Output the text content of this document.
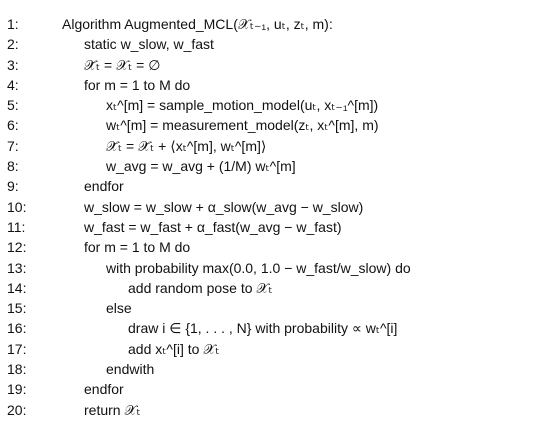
1:	Algorithm Augmented_MCL(𝒳ₜ₋₁, uₜ, zₜ, m):
2:	static w_slow, w_fast
3:	𝒳̄ₜ = 𝒳ₜ = ∅
4:	for m = 1 to M do
5:	xₜ^[m] = sample_motion_model(uₜ, xₜ₋₁^[m])
6:	wₜ^[m] = measurement_model(zₜ, xₜ^[m], m)
7:	𝒳̄ₜ = 𝒳̄ₜ + ⟨xₜ^[m], wₜ^[m]⟩
8:	w_avg = w_avg + (1/M) wₜ^[m]
9:	endfor
10:	w_slow = w_slow + α_slow(w_avg − w_slow)
11:	w_fast = w_fast + α_fast(w_avg − w_fast)
12:	for m = 1 to M do
13:	with probability max(0.0, 1.0 − w_fast/w_slow) do
14:	add random pose to 𝒳ₜ
15:	else
16:	draw i ∈ {1, . . . , N} with probability ∝ wₜ^[i]
17:	add xₜ^[i] to 𝒳ₜ
18:	endwith
19:	endfor
20:	return 𝒳ₜ
